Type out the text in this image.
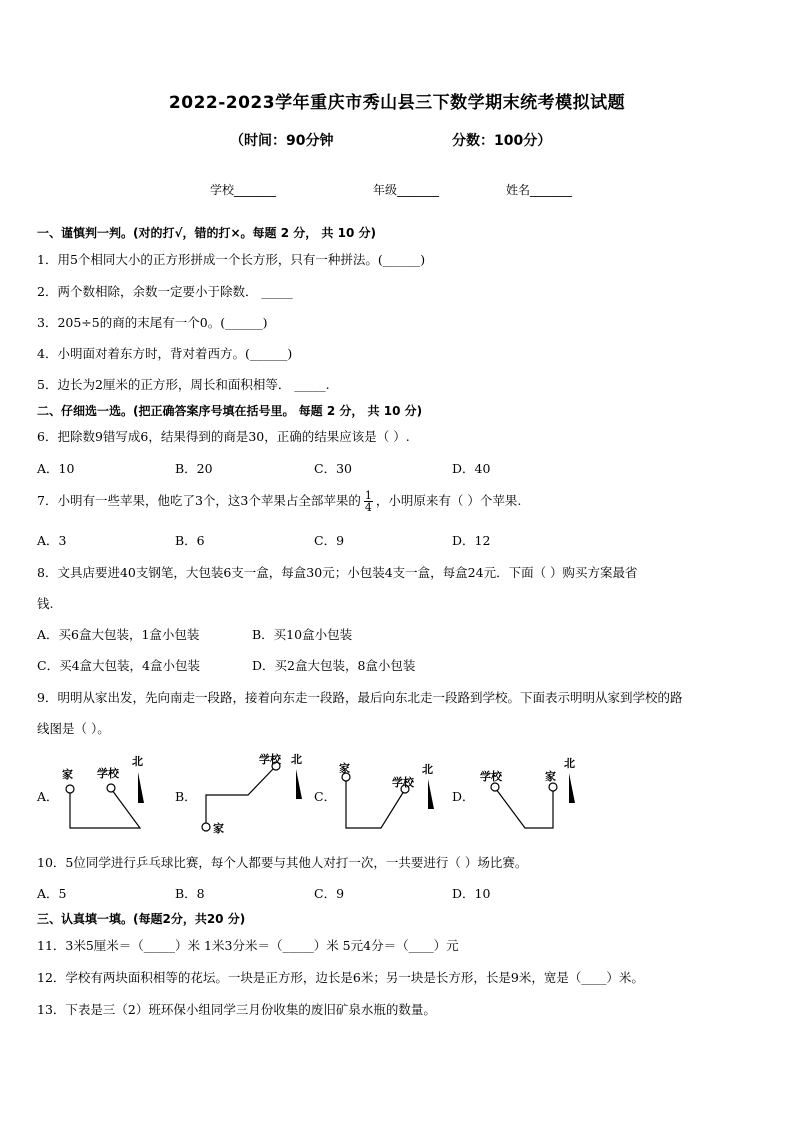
2022-2023学年重庆市秀山县三下数学期末统考模拟试题
（时间：90分钟	分数：100分）
学校_______	年级_______	姓名_______
一、谨慎判一判。(对的打√，错的打×。每题 2 分， 共 10 分)
1．用5个相同大小的正方形拼成一个长方形，只有一种拼法。(______)
2．两个数相除，余数一定要小于除数． _____
3．205÷5的商的末尾有一个0。(______)
4．小明面对着东方时，背对着西方。(______)
5．边长为2厘米的正方形，周长和面积相等． _____.
二、仔细选一选。(把正确答案序号填在括号里。 每题 2 分， 共 10 分)
6．把除数9错写成6，结果得到的商是30，正确的结果应该是（ ）.
A．10	B．20	C．30	D．40
7．小明有一些苹果，他吃了3个，这3个苹果占全部苹果的 $\frac{1}{4}$ ，小明原来有（ ）个苹果.
A．3	B．6	C．9	D．12
8．文具店要进40支钢笔，大包装6支一盒，每盒30元；小包装4支一盒，每盒24元．下面（ ）购买方案最省
钱.
A．买6盒大包装，1盒小包装	B．买10盒小包装
C．买4盒大包装，4盒小包装	D．买2盒大包装，8盒小包装
9．明明从家出发，先向南走一段路，接着向东走一段路，最后向东北走一段路到学校。下面表示明明从家到学校的路
线图是（ ）。
A．	B．	C．	D．
家 学校
北
家
学校 北
家
学校
北
家
学校
北
10．5位同学进行乒乓球比赛，每个人都要与其他人对打一次，一共要进行（ ）场比赛。
A．5	B．8	C．9	D．10
三、认真填一填。(每题2分，共20 分)
11．3米5厘米＝（_____）米 1米3分米＝（_____）米 5元4分＝（____）元
12．学校有两块面积相等的花坛。一块是正方形，边长是6米；另一块是长方形，长是9米，宽是（____）米。
13．下表是三（2）班环保小组同学三月份收集的废旧矿泉水瓶的数量。
